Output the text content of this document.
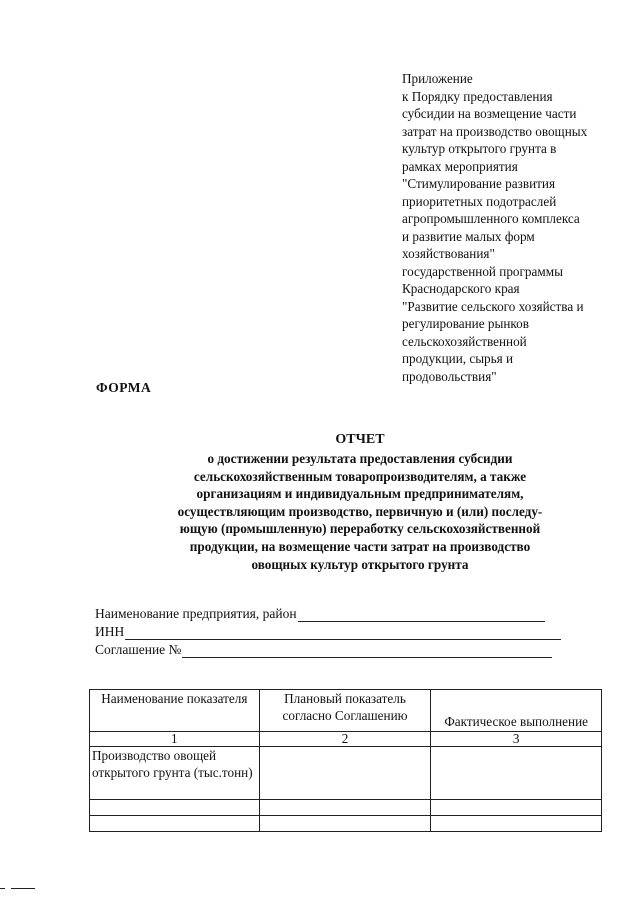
Приложение
к Порядку предоставления
субсидии на возмещение части
затрат на производство овощных
культур открытого грунта в
рамках мероприятия
"Стимулирование развития
приоритетных подотраслей
агропромышленного комплекса
и развитие малых форм
хозяйствования"
государственной программы
Краснодарского края
"Развитие сельского хозяйства и
регулирование рынков
сельскохозяйственной
продукции, сырья и
продовольствия"
ФОРМА
ОТЧЕТ
о достижении результата предоставления субсидии
сельскохозяйственным товаропроизводителям, а также
организациям и индивидуальным предпринимателям,
осуществляющим производство, первичную и (или) последу-
ющую (промышленную) переработку сельскохозяйственной
продукции, на возмещение части затрат на производство
овощных культур открытого грунта
Наименование предприятия, район
ИНН
Соглашение №
Наименование показателя	Плановый показатель согласно Соглашению	Фактическое выполнение
1	2	3
Производство овощей открытого грунта (тыс.тонн)		
